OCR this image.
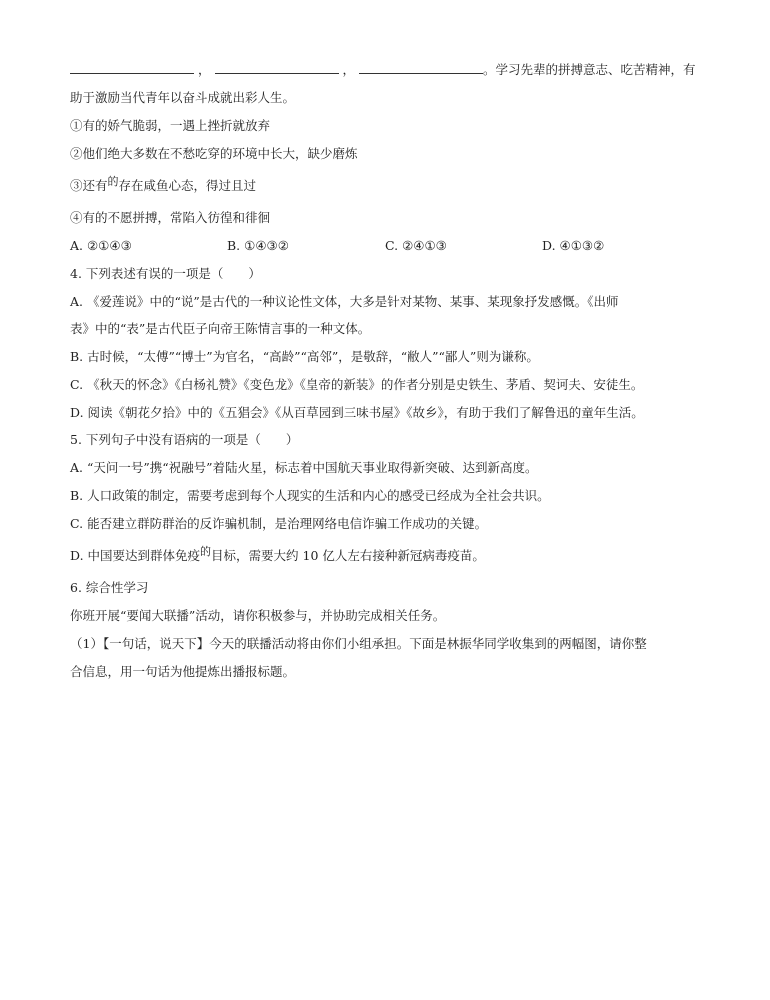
，	，	。学习先辈的拼搏意志、吃苦精神，有
助于激励当代青年以奋斗成就出彩人生。
①有的娇气脆弱，一遇上挫折就放弃
②他们绝大多数在不愁吃穿的环境中长大，缺少磨炼
③还有的存在咸鱼心态，得过且过
④有的不愿拼搏，常陷入彷徨和徘徊
A. ②①④③	B. ①④③②	C. ②④①③	D. ④①③②
4. 下列表述有误的一项是（　　）
A. 《爱莲说》中的“说”是古代的一种议论性文体，大多是针对某物、某事、某现象抒发感慨。《出师
表》中的“表”是古代臣子向帝王陈情言事的一种文体。
B. 古时候，“太傅”“博士”为官名，“高龄”“高邻”，是敬辞，“敝人”“鄙人”则为谦称。
C. 《秋天的怀念》《白杨礼赞》《变色龙》《皇帝的新装》的作者分别是史铁生、茅盾、契诃夫、安徒生。
D. 阅读《朝花夕拾》中的《五猖会》《从百草园到三味书屋》《故乡》，有助于我们了解鲁迅的童年生活。
5. 下列句子中没有语病的一项是（　　）
A. “天问一号”携“祝融号”着陆火星，标志着中国航天事业取得新突破、达到新高度。
B. 人口政策的制定，需要考虑到每个人现实的生活和内心的感受已经成为全社会共识。
C. 能否建立群防群治的反诈骗机制，是治理网络电信诈骗工作成功的关键。
D. 中国要达到群体免疫的目标，需要大约 10 亿人左右接种新冠病毒疫苗。
6. 综合性学习
你班开展“要闻大联播”活动，请你积极参与，并协助完成相关任务。
（1）【一句话，说天下】今天的联播活动将由你们小组承担。下面是林振华同学收集到的两幅图，请你整
合信息，用一句话为他提炼出播报标题。
